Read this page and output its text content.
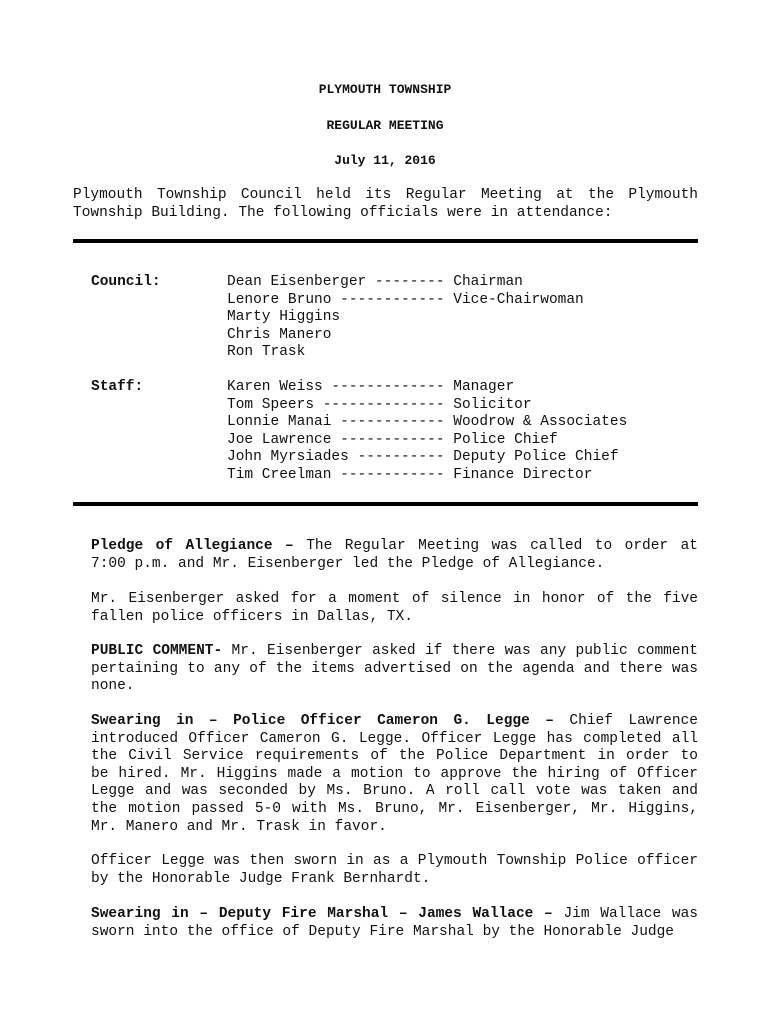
PLYMOUTH TOWNSHIP
REGULAR MEETING
July 11, 2016
Plymouth Township Council held its Regular Meeting at the Plymouth Township Building. The following officials were in attendance:
Council:	Dean Eisenberger -------- Chairman
Lenore Bruno ------------ Vice-Chairwoman
Marty Higgins
Chris Manero
Ron Trask
Staff:	Karen Weiss ------------- Manager
Tom Speers -------------- Solicitor
Lonnie Manai ------------ Woodrow & Associates
Joe Lawrence ------------ Police Chief
John Myrsiades ---------- Deputy Police Chief
Tim Creelman ------------ Finance Director
Pledge of Allegiance – The Regular Meeting was called to order at 7:00 p.m. and Mr. Eisenberger led the Pledge of Allegiance.
Mr. Eisenberger asked for a moment of silence in honor of the five fallen police officers in Dallas, TX.
PUBLIC COMMENT- Mr. Eisenberger asked if there was any public comment pertaining to any of the items advertised on the agenda and there was none.
Swearing in – Police Officer Cameron G. Legge – Chief Lawrence introduced Officer Cameron G. Legge. Officer Legge has completed all the Civil Service requirements of the Police Department in order to be hired. Mr. Higgins made a motion to approve the hiring of Officer Legge and was seconded by Ms. Bruno. A roll call vote was taken and the motion passed 5-0 with Ms. Bruno, Mr. Eisenberger, Mr. Higgins, Mr. Manero and Mr. Trask in favor.
Officer Legge was then sworn in as a Plymouth Township Police officer by the Honorable Judge Frank Bernhardt.
Swearing in – Deputy Fire Marshal – James Wallace – Jim Wallace was sworn into the office of Deputy Fire Marshal by the Honorable Judge
